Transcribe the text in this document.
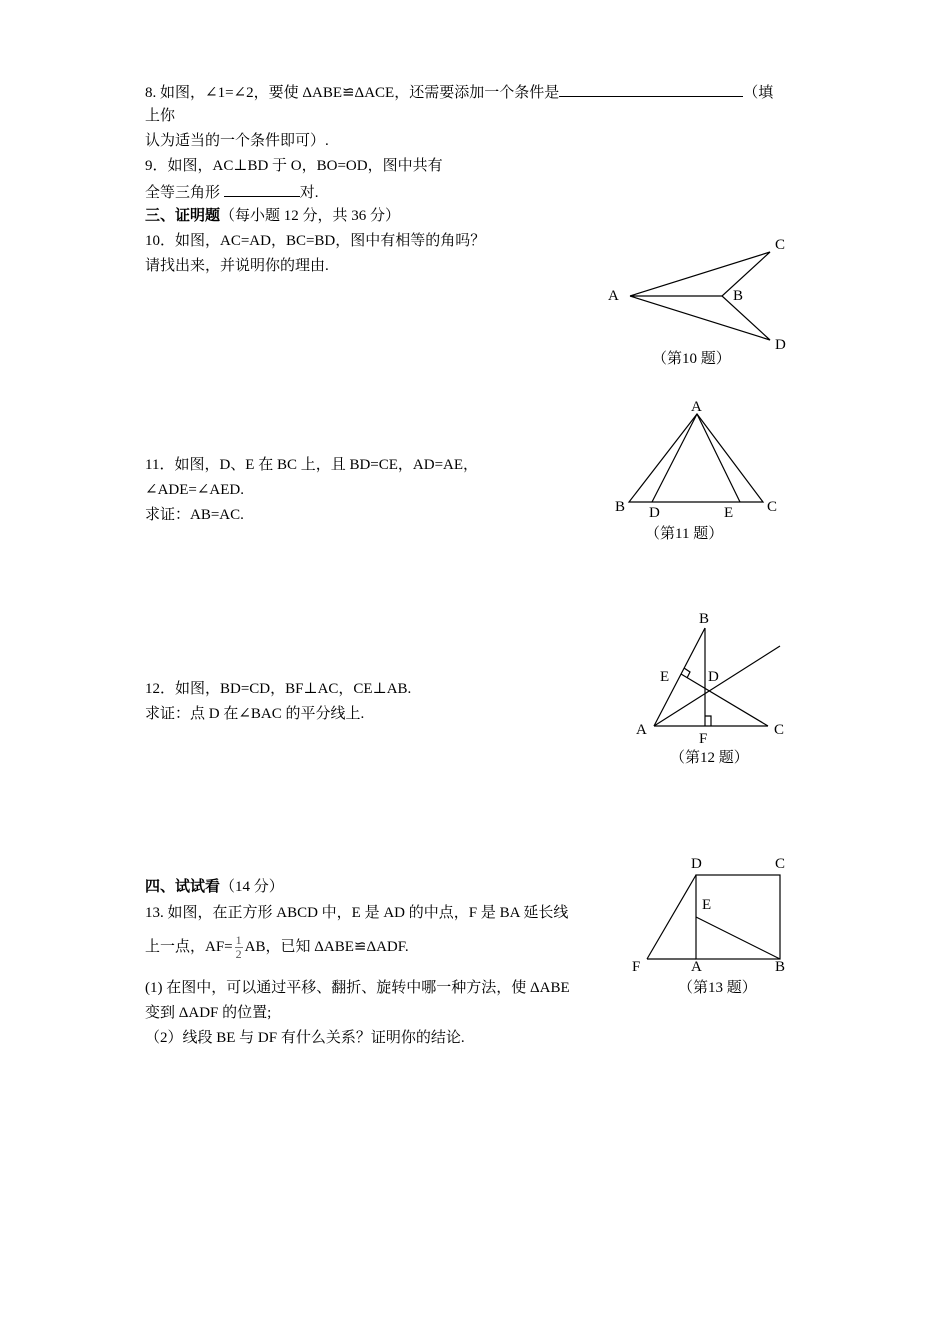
8. 如图，∠1=∠2，要使 ΔABE≌ΔACE，还需要添加一个条件是	（填
上你
认为适当的一个条件即可）.
9．如图，AC⊥BD 于 O，BO=OD，图中共有
全等三角形	对.
三、证明题（每小题 12 分，共 36 分）
10．如图，AC=AD，BC=BD，图中有相等的角吗？
请找出来，并说明你的理由.
A	B
C
D
（第10 题）
11．如图，D、E 在 BC 上，且 BD=CE，AD=AE，
∠ADE=∠AED.
求证：AB=AC.
A
B	C
D	E
（第11 题）
12．如图，BD=CD，BF⊥AC，CE⊥AB.
求证：点 D 在∠BAC 的平分线上.
B
E	D
A	C
F
（第12 题）
四、试试看（14 分）
13. 如图，在正方形 ABCD 中，E 是 AD 的中点，F 是 BA 延长线
上一点，$AF= \frac{1}{2}$ AB，已知 ΔABE≌ΔADF.
(1) 在图中，可以通过平移、翻折、旋转中哪一种方法，使 ΔABE
变到 ΔADF 的位置;
（2）线段 BE 与 DF 有什么关系？证明你的结论.
D	C
E
F	A	B
（第13 题）
